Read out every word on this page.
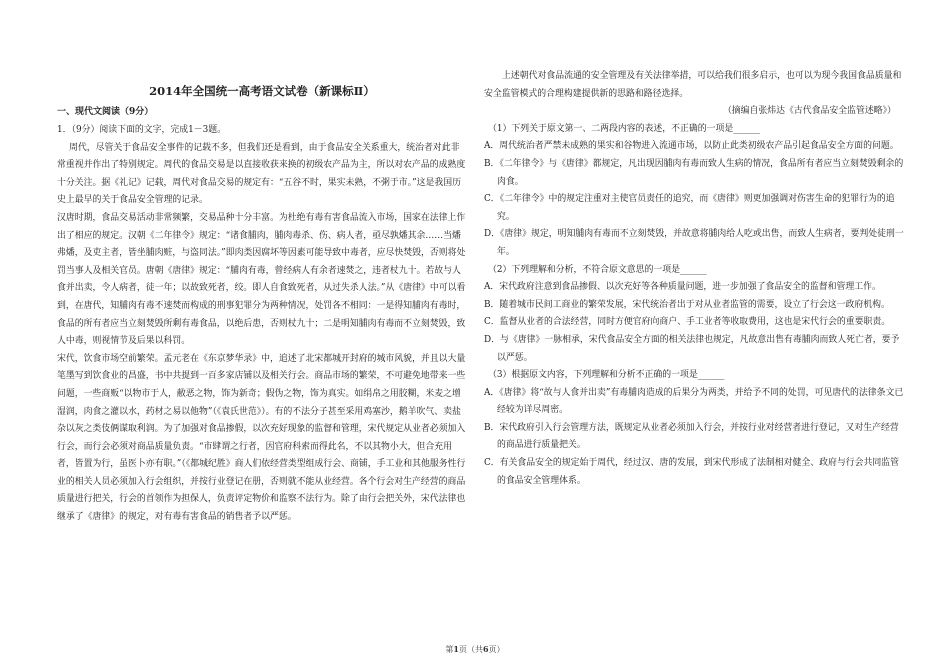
2014年全国统一高考语文试卷（新课标Ⅱ）
一、现代文阅读（9分）

1．（9分）阅读下面的文字，完成1－3题。

周代，尽管关于食品安全事件的记载不多，但我们还是看到，由于食品安全关系重大，统治者对此非常重视并作出了特别规定。周代的食品交易是以直接收获来换的初级农产品为主，所以对农产品的成熟度十分关注。据《礼记》记载，周代对食品交易的规定有：“五谷不时，果实未熟，不粥于市。”这是我国历史上最早的关于食品安全管理的记录。

汉唐时期，食品交易活动非常频繁，交易品种十分丰富。为杜绝有毒有害食品流入市场，国家在法律上作出了相应的规定。汉朝《二年律令》规定：“诸食脯肉，脯肉毒杀、伤、病人者，亟尽孰燔其余……当燔弗燔，及吏主者，皆坐脯肉赃，与盗同法。”即肉类因腐坏等因素可能导致中毒者，应尽快焚毁，否则将处罚当事人及相关官员。唐朝《唐律》规定：“脯肉有毒，曾经病人有余者速焚之，违者杖九十。若故与人食并出卖，令人病者，徒一年；以故致死者，绞。即人自食致死者，从过失杀人法。”从《唐律》中可以看到，在唐代，知脯肉有毒不速焚而构成的刑事犯罪分为两种情况，处罚各不相同：一是得知脯肉有毒时，食品的所有者应当立刻焚毁所剩有毒食品，以绝后患，否则杖九十；二是明知脯肉有毒而不立刻焚毁，致人中毒，则视情节及后果以科罚。

宋代，饮食市场空前繁荣。孟元老在《东京梦华录》中，追述了北宋都城开封府的城市风貌，并且以大量笔墨写到饮食业的昌盛，书中共提到一百多家店铺以及相关行会。商品市场的繁荣，不可避免地带来一些问题，一些商贩“以物市于人，敝恶之物，饰为新奇；假伪之物，饰为真实。如绢帛之用胶糊，米麦之增湿润，肉食之灌以水，药材之易以他物”（《袁氏世范》）。有的不法分子甚至采用鸡塞沙，鹅羊吹气、卖盐杂以灰之类伎俩谋取利润。为了加强对食品掺假，以次充好现象的监督和管理，宋代规定从业者必须加入行会，而行会必须对商品质量负责。“市肆谓之行者，因官府科索而得此名，不以其物小大，但合充用者，皆置为行，虽医卜亦有职。”（《都城纪胜》商人们依经营类型组成行会、商铺，手工业和其他服务性行业的相关人员必须加入行会组织，并按行业登记在册，否则就不能从业经营。各个行会对生产经营的商品质量进行把关，行会的首领作为担保人，负责评定物价和监察不法行为。除了由行会把关外，宋代法律也继承了《唐律》的规定，对有毒有害食品的销售者予以严惩。

上述朝代对食品流通的安全管理及有关法律举措，可以给我们很多启示，也可以为现今我国食品质量和安全监管模式的合理构建提供新的思路和路径选择。

（摘编自张炜达《古代食品安全监管述略》）

（1）下列关于原文第一、二两段内容的表述，不正确的一项是______

A．周代统治者严禁未成熟的果实和谷物进入流通市场，以防止此类初级农产品引起食品安全方面的问题。

B．《二年律令》与《唐律》都规定，凡出现因脯肉有毒而致人生病的情况，食品所有者应当立刻焚毁剩余的肉食。

C．《二年律令》中的规定注重对主使官员责任的追究，而《唐律》则更加强调对伤害生命的犯罪行为的追究。

D．《唐律》规定，明知脯肉有毒而不立刻焚毁，并故意将脯肉给人吃或出售，而致人生病者，要判处徒刑一年。

（2）下列理解和分析，不符合原文意思的一项是______

A．宋代政府注意到食品掺假、以次充好等各种质量问题，进一步加强了食品安全的监督和管理工作。

B．随着城市民间工商业的繁荣发展，宋代统治者出于对从业者监管的需要，设立了行会这一政府机构。

C．监督从业者的合法经营，同时方便官府向商户、手工业者等收取费用，这也是宋代行会的重要职责。

D．与《唐律》一脉相承，宋代食品安全方面的相关法律也规定，凡故意出售有毒脯肉而致人死亡者，要予以严惩。

（3）根据原文内容，下列理解和分析不正确的一项是______

A．《唐律》将“故与人食并出卖”有毒脯肉造成的后果分为两类，并给予不同的处罚，可见唐代的法律条文已经较为详尽周密。

B．宋代政府引入行会管理方法，既规定从业者必须加入行会，并按行业对经营者进行登记，又对生产经营的商品进行质量把关。

C．有关食品安全的规定始于周代，经过汉、唐的发展，到宋代形成了法制相对健全、政府与行会共同监管的食品安全管理体系。

第1页（共6页）
